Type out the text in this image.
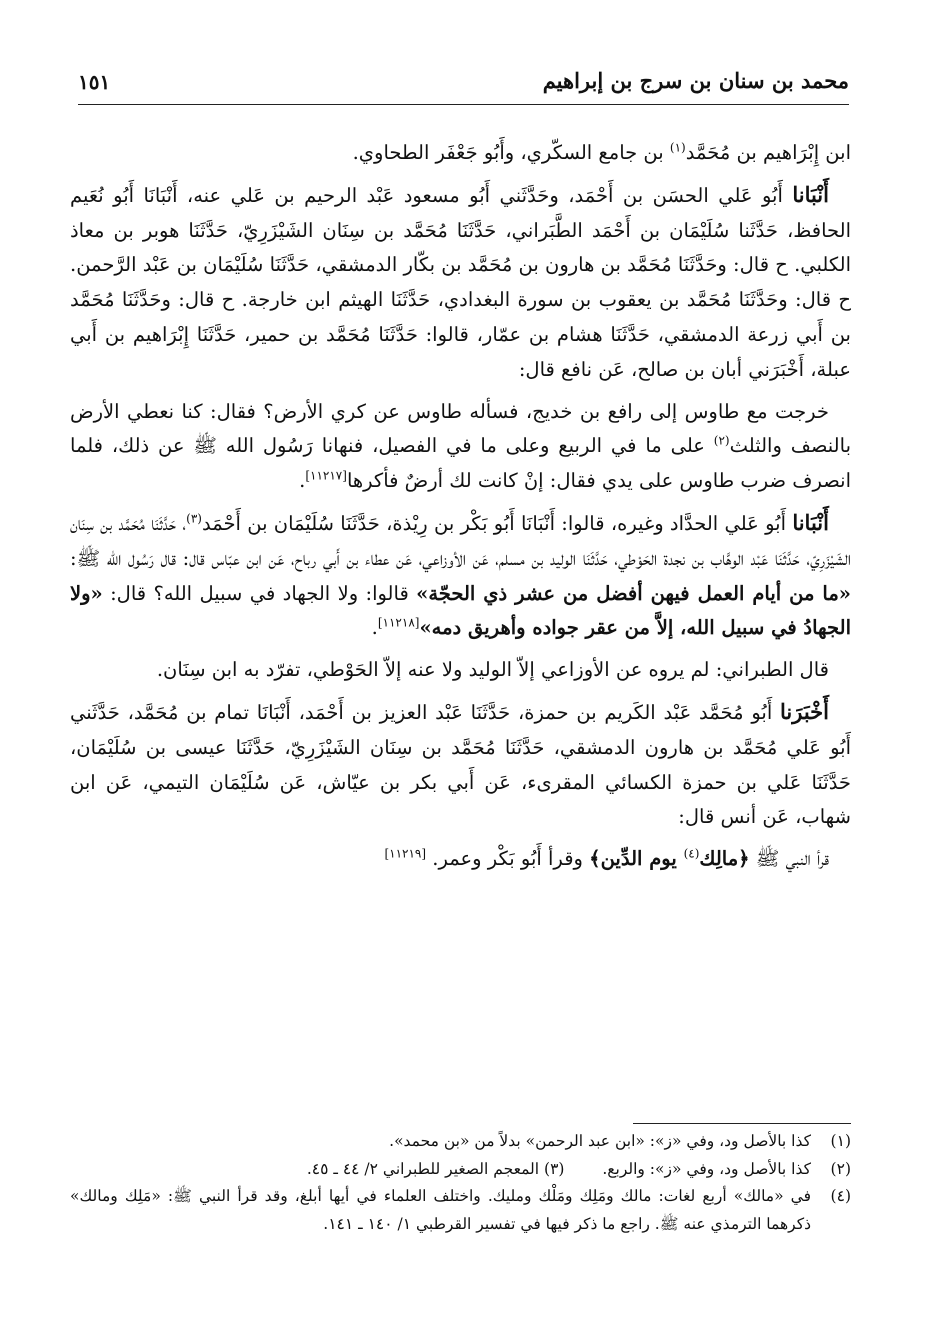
محمد بن سنان بن سرج بن إبراهيم
١٥١

ابن إِبْرَاهيم بن مُحَمَّد$^{(١)}$ بن جامع السكّري، وأَبُو جَعْفَر الطحاوي.

أَنْبَانا أَبُو عَلي الحسَن بن أَحْمَد، وحَدَّثَني أَبُو مسعود عَبْد الرحيم بن عَلي عنه، أَنْبَانَا أَبُو نُعَيم الحافظ، حَدَّثَنا سُلَيْمَان بن أَحْمَد الطَّبَراني، حَدَّثَنَا مُحَمَّد بن سِنَان الشَيْزَرِيّ، حَدَّثَنَا هوبر بن معاذ الكلبي. ح قال: وحَدَّثَنَا مُحَمَّد بن هارون بن مُحَمَّد بن بكّار الدمشقي، حَدَّثَنَا سُلَيْمَان بن عَبْد الرَّحمن. ح قال: وحَدَّثَنَا مُحَمَّد بن يعقوب بن سورة البغدادي، حَدَّثَنَا الهيثم ابن خارجة. ح قال: وحَدَّثَنَا مُحَمَّد بن أَبي زرعة الدمشقي، حَدَّثَنَا هشام بن عمّار، قالوا: حَدَّثَنَا مُحَمَّد بن حمير، حَدَّثَنَا إِبْرَاهيم بن أَبي عبلة، أَخْبَرَني أبان بن صالح، عَن نافع قال:

خرجت مع طاوس إلى رافع بن خديج، فسأله طاوس عن كري الأرض؟ فقال: كنا نعطي الأرض بالنصف والثلث$^{(٢)}$ على ما في الربيع وعلى ما في الفصيل، فنهانا رَسُول الله ﷺ عن ذلك، فلما انصرف ضرب طاوس على يدي فقال: إنْ كانت لك أرضٌ فأكرها[١١٢١٧].

أَنْبَانا أَبُو عَلي الحدَّاد وغيره، قالوا: أَنْبَانَا أَبُو بَكْر بن رِيْذة، حَدَّثَنَا سُلَيْمَان بن أَحْمَد$^{(٣)}$، حَدَّثَنَا مُحَمَّد بن سِنَان الشَيْزَرِيّ، حَدَّثَنَا عَبْد الوهَّاب بن نجدة الحَوْطي، حَدَّثَنَا الوليد بن مسلم، عَن الأوزاعي، عَن عطاء بن أَبي رباح، عَن ابن عبّاس قال: قال رَسُول الله ﷺ: «ما من أيام العمل فيهن أفضل من عشر ذي الحجّة» قالوا: ولا الجهاد في سبيل الله؟ قال: «ولا الجهادُ في سبيل الله، إلاَّ من عقر جواده وأهريق دمه»[١١٢١٨].

قال الطبراني: لم يروه عن الأوزاعي إلاّ الوليد ولا عنه إلاّ الحَوْطي، تفرّد به ابن سِنَان.

أَخْبَرَنا أَبُو مُحَمَّد عَبْد الكَريم بن حمزة، حَدَّثَنَا عَبْد العزيز بن أَحْمَد، أَنْبَانَا تمام بن مُحَمَّد، حَدَّثَني أَبُو عَلي مُحَمَّد بن هارون الدمشقي، حَدَّثَنَا مُحَمَّد بن سِنَان الشَيْزَرِيّ، حَدَّثَنَا عيسى بن سُلَيْمَان، حَدَّثَنَا عَلي بن حمزة الكسائي المقرىء، عَن أَبي بكر بن عيّاش، عَن سُلَيْمَان التيمي، عَن ابن شهاب، عَن أنس قال:

قرأ النبي ﷺ ﴿مالِك$^{(٤)}$ يوم الدِّين﴾ وقرأ أَبُو بَكْر وعمر. [١١٢١٩]

(١)
كذا بالأصل ود، وفي «ز»: «ابن عبد الرحمن» بدلاً من «بن محمد».
(٢)
كذا بالأصل ود، وفي «ز»: والربع.  (٣) المعجم الصغير للطبراني ٢/ ٤٤ ـ ٤٥.
(٤)
في «مالك» أربع لغات: مالك ومَلِك ومَلْك ومليك. واختلف العلماء في أيها أبلغ، وقد قرأ النبي ﷺ: «مَلِك ومالك» ذكرهما الترمذي عنه ﷺ. راجع ما ذكر فيها في تفسير القرطبي ١/ ١٤٠ ـ ١٤١.
